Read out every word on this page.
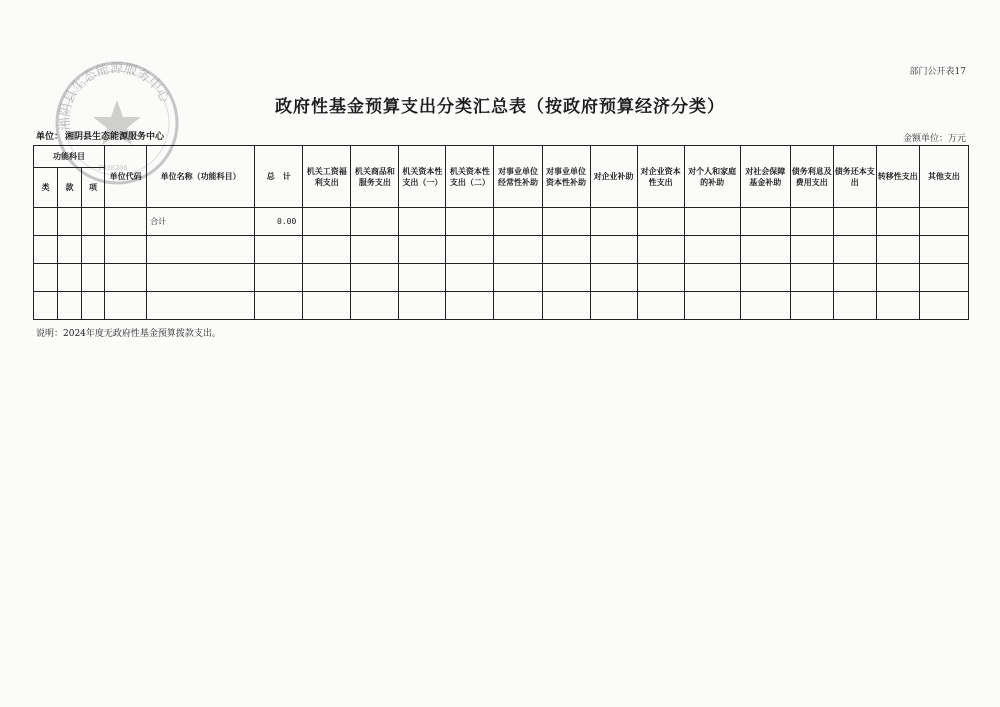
湘阴县生态能源服务中心
2030206
部门公开表17
政府性基金预算支出分类汇总表（按政府预算经济分类）
单位： 湘阴县生态能源服务中心	金额单位：万元
功能科目			单位代码	单位名称（功能科目）	总　计	机关工资福利支出	机关商品和服务支出	机关资本性支出（一）	机关资本性支出（二）	对事业单位经常性补助	对事业单位资本性补助	对企业补助	对企业资本性支出	对个人和家庭的补助	对社会保障基金补助	债务利息及费用支出	债务还本支出	转移性支出	其他支出
类	款	项																	
				合计	0.00														

说明：2024年度无政府性基金预算拨款支出。
